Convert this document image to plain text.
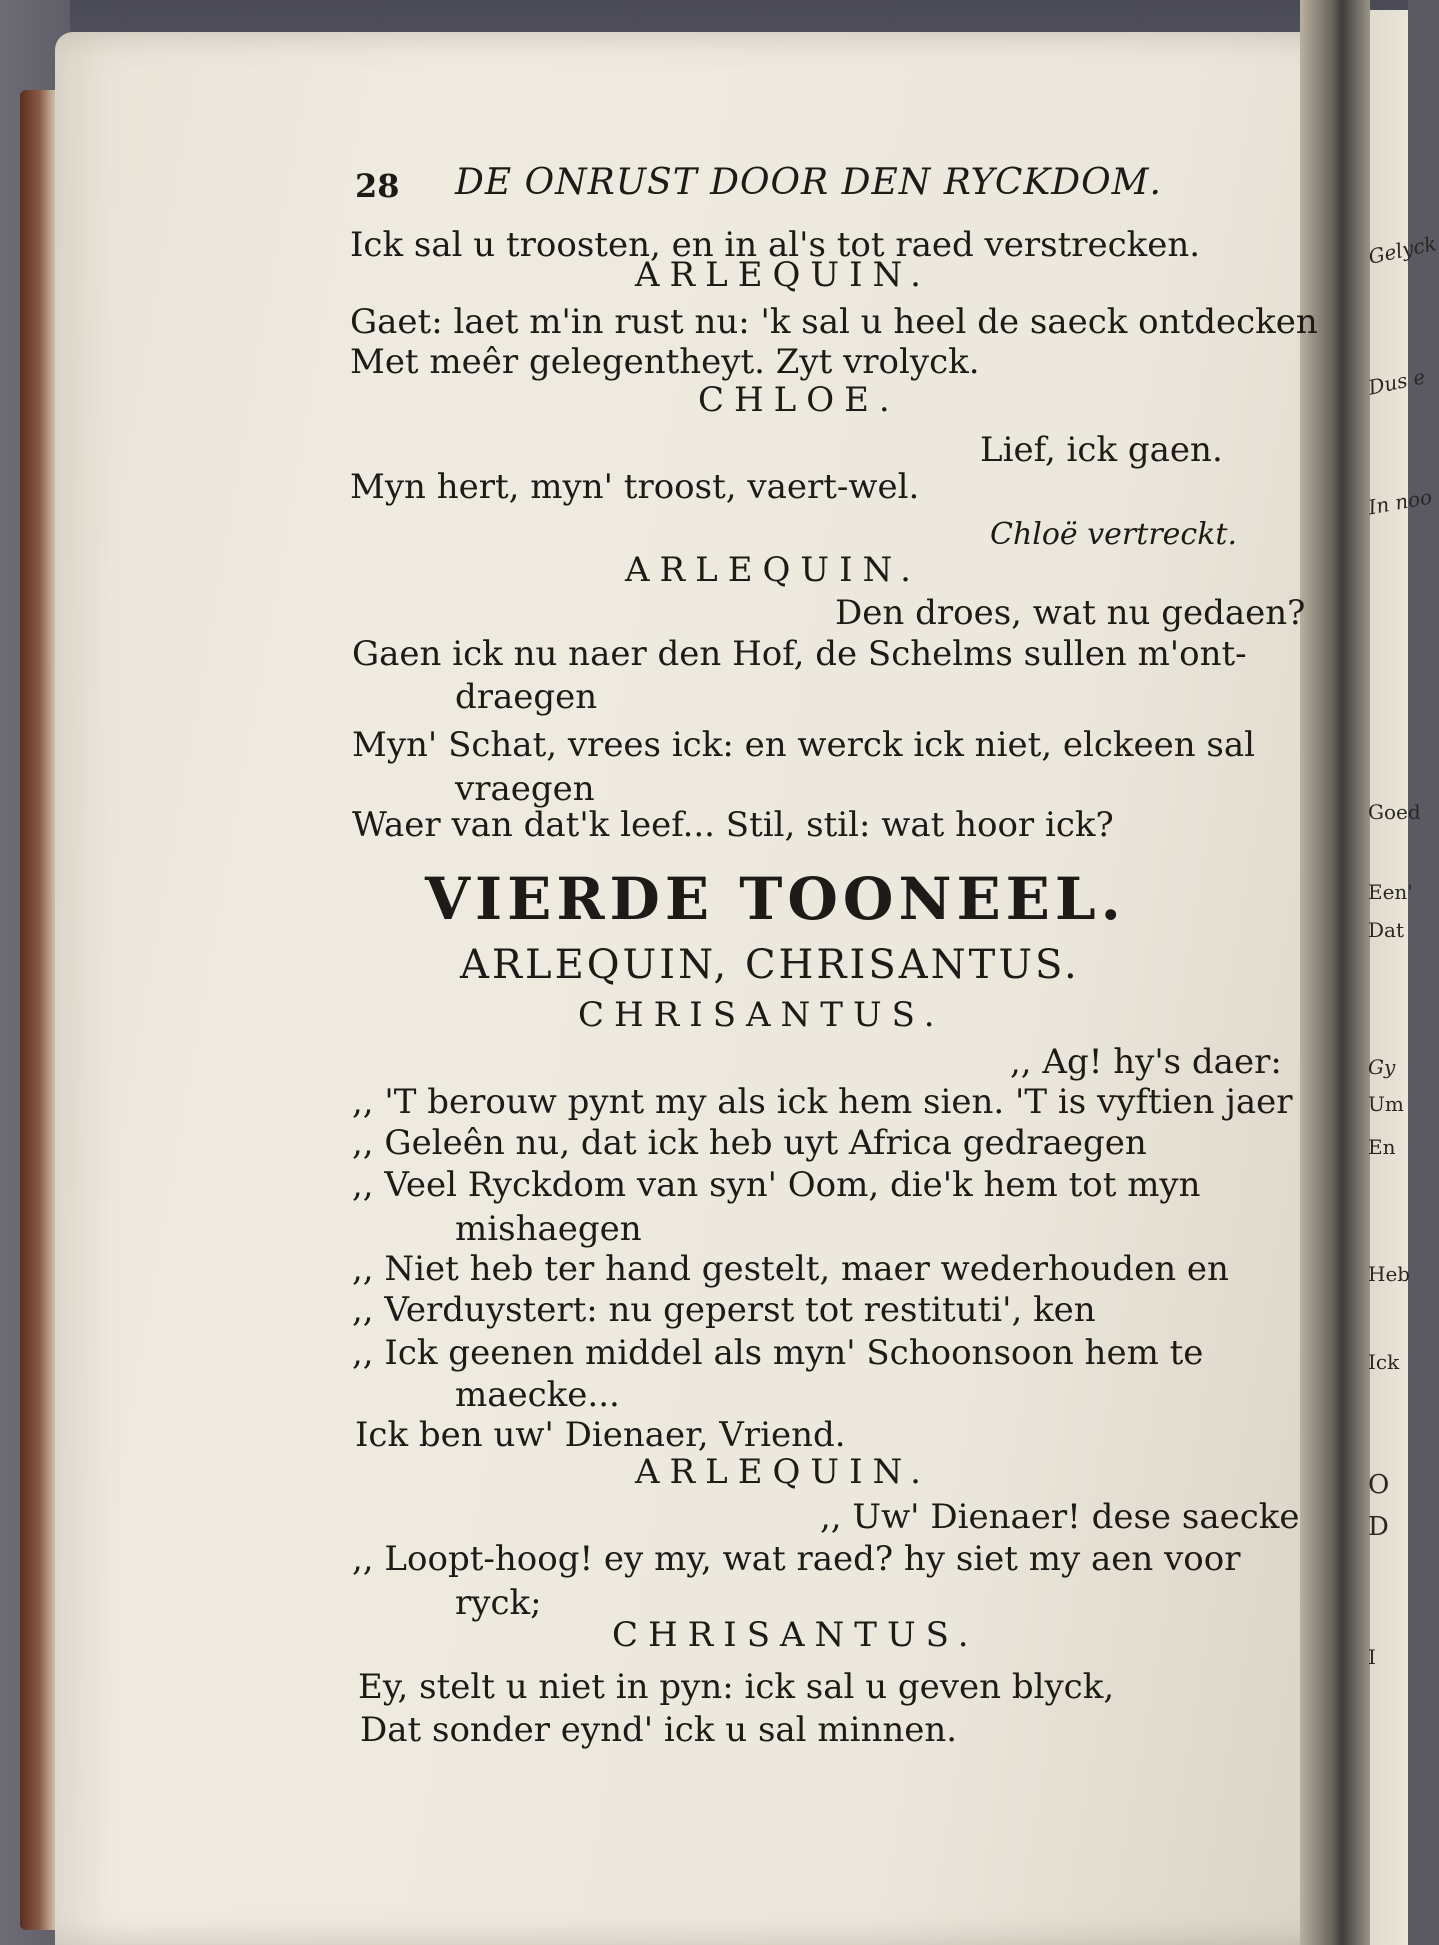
Gelyck
Dus e
In noo
Goed
Een'
Dat
Gy
Um
En
Heb
Ick
O
D
I
28 DE ONRUST DOOR DEN RYCKDOM.
Ick sal u troosten, en in al's tot raed verstrecken.
ARLEQUIN.
Gaet: laet m'in rust nu: 'k sal u heel de saeck ontdecken
Met meêr gelegentheyt. Zyt vrolyck.
CHLOE.
Lief, ick gaen.
Myn hert, myn' troost, vaert-wel.
Chloë vertreckt.
ARLEQUIN.
Den droes, wat nu gedaen?
Gaen ick nu naer den Hof, de Schelms sullen m'ont-
draegen
Myn' Schat, vrees ick: en werck ick niet, elckeen sal
vraegen
Waer van dat'k leef... Stil, stil: wat hoor ick?
VIERDE TOONEEL.
ARLEQUIN, CHRISANTUS.
CHRISANTUS.
,, Ag! hy's daer:
,, 'T berouw pynt my als ick hem sien. 'T is vyftien jaer
,, Geleên nu, dat ick heb uyt Africa gedraegen
,, Veel Ryckdom van syn' Oom, die'k hem tot myn
mishaegen
,, Niet heb ter hand gestelt, maer wederhouden en
,, Verduystert: nu geperst tot restituti', ken
,, Ick geenen middel als myn' Schoonsoon hem te
maecke...
Ick ben uw' Dienaer, Vriend.
ARLEQUIN.
,, Uw' Dienaer! dese saecke
,, Loopt-hoog! ey my, wat raed? hy siet my aen voor
ryck;
CHRISANTUS.
Ey, stelt u niet in pyn: ick sal u geven blyck,
Dat sonder eynd' ick u sal minnen.
